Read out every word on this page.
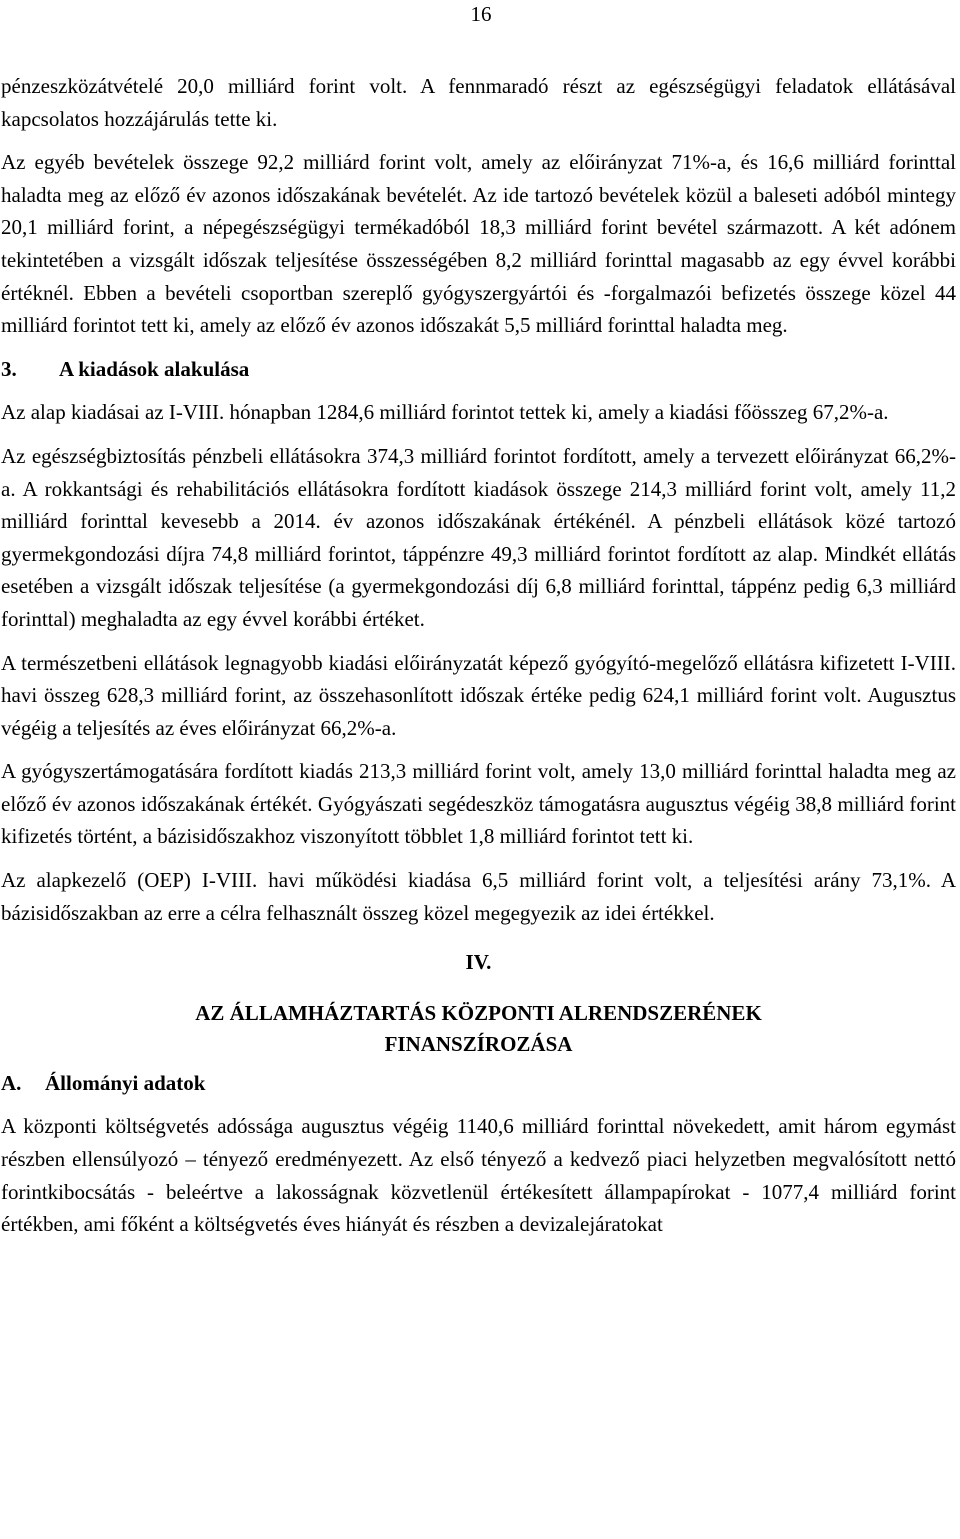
16

pénzeszközátvételé 20,0 milliárd forint volt. A fennmaradó részt az egészségügyi feladatok ellátásával kapcsolatos hozzájárulás tette ki.

Az egyéb bevételek összege 92,2 milliárd forint volt, amely az előirányzat 71%-a, és 16,6 milliárd forinttal haladta meg az előző év azonos időszakának bevételét. Az ide tartozó bevételek közül a baleseti adóból mintegy 20,1 milliárd forint, a népegészségügyi termékadóból 18,3 milliárd forint bevétel származott. A két adónem tekintetében a vizsgált időszak teljesítése összességében 8,2 milliárd forinttal magasabb az egy évvel korábbi értéknél. Ebben a bevételi csoportban szereplő gyógyszergyártói és -forgalmazói befizetés összege közel 44 milliárd forintot tett ki, amely az előző év azonos időszakát 5,5 milliárd forinttal haladta meg.

3. A kiadások alakulása

Az alap kiadásai az I-VIII. hónapban 1284,6 milliárd forintot tettek ki, amely a kiadási főösszeg 67,2%-a.

Az egészségbiztosítás pénzbeli ellátásokra 374,3 milliárd forintot fordított, amely a tervezett előirányzat 66,2%-a. A rokkantsági és rehabilitációs ellátásokra fordított kiadások összege 214,3 milliárd forint volt, amely 11,2 milliárd forinttal kevesebb a 2014. év azonos időszakának értékénél. A pénzbeli ellátások közé tartozó gyermekgondozási díjra 74,8 milliárd forintot, táppénzre 49,3 milliárd forintot fordított az alap. Mindkét ellátás esetében a vizsgált időszak teljesítése (a gyermekgondozási díj 6,8 milliárd forinttal, táppénz pedig 6,3 milliárd forinttal) meghaladta az egy évvel korábbi értéket.

A természetbeni ellátások legnagyobb kiadási előirányzatát képező gyógyító-megelőző ellátásra kifizetett I-VIII. havi összeg 628,3 milliárd forint, az összehasonlított időszak értéke pedig 624,1 milliárd forint volt. Augusztus végéig a teljesítés az éves előirányzat 66,2%-a.

A gyógyszertámogatására fordított kiadás 213,3 milliárd forint volt, amely 13,0 milliárd forinttal haladta meg az előző év azonos időszakának értékét. Gyógyászati segédeszköz támogatásra augusztus végéig 38,8 milliárd forint kifizetés történt, a bázisidőszakhoz viszonyított többlet 1,8 milliárd forintot tett ki.

Az alapkezelő (OEP) I-VIII. havi működési kiadása 6,5 milliárd forint volt, a teljesítési arány 73,1%. A bázisidőszakban az erre a célra felhasznált összeg közel megegyezik az idei értékkel.

IV.
AZ ÁLLAMHÁZTARTÁS KÖZPONTI ALRENDSZERÉNEK
FINANSZÍROZÁSA
A. Állományi adatok

A központi költségvetés adóssága augusztus végéig 1140,6 milliárd forinttal növekedett, amit három egymást részben ellensúlyozó – tényező eredményezett. Az első tényező a kedvező piaci helyzetben megvalósított nettó forintkibocsátás - beleértve a lakosságnak közvetlenül értékesített állampapírokat - 1077,4 milliárd forint értékben, ami főként a költségvetés éves hiányát és részben a devizalejáratokat
